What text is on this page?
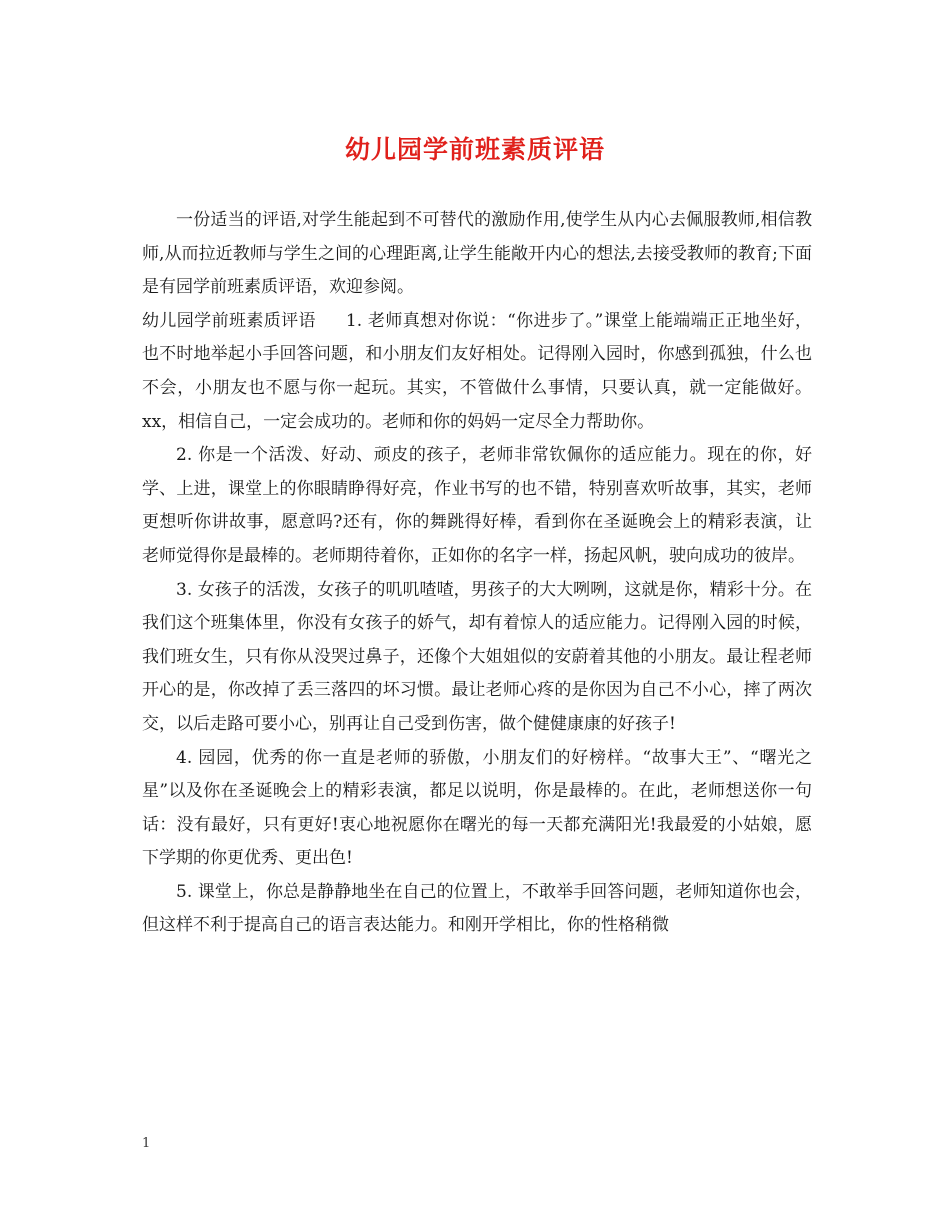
幼儿园学前班素质评语

一份适当的评语,对学生能起到不可替代的激励作用,使学生从内心去佩服教师,相信教师,从而拉近教师与学生之间的心理距离,让学生能敞开内心的想法,去接受教师的教育;下面是有园学前班素质评语，欢迎参阅。

幼儿园学前班素质评语 1. 老师真想对你说：“你进步了。”课堂上能端端正正地坐好，也不时地举起小手回答问题，和小朋友们友好相处。记得刚入园时，你感到孤独，什么也不会，小朋友也不愿与你一起玩。其实，不管做什么事情，只要认真，就一定能做好。xx，相信自己，一定会成功的。老师和你的妈妈一定尽全力帮助你。

2. 你是一个活泼、好动、顽皮的孩子，老师非常钦佩你的适应能力。现在的你，好学、上进，课堂上的你眼睛睁得好亮，作业书写的也不错，特别喜欢听故事，其实，老师更想听你讲故事，愿意吗?还有，你的舞跳得好棒，看到你在圣诞晚会上的精彩表演，让老师觉得你是最棒的。老师期待着你，正如你的名字一样，扬起风帆，驶向成功的彼岸。

3. 女孩子的活泼，女孩子的叽叽喳喳，男孩子的大大咧咧，这就是你，精彩十分。在我们这个班集体里，你没有女孩子的娇气，却有着惊人的适应能力。记得刚入园的时候，我们班女生，只有你从没哭过鼻子，还像个大姐姐似的安蔚着其他的小朋友。最让程老师开心的是，你改掉了丢三落四的坏习惯。最让老师心疼的是你因为自己不小心，摔了两次交，以后走路可要小心，别再让自己受到伤害，做个健健康康的好孩子!

4. 园园，优秀的你一直是老师的骄傲，小朋友们的好榜样。“故事大王”、“曙光之星”以及你在圣诞晚会上的精彩表演，都足以说明，你是最棒的。在此，老师想送你一句话：没有最好，只有更好!衷心地祝愿你在曙光的每一天都充满阳光!我最爱的小姑娘，愿下学期的你更优秀、更出色!

5. 课堂上，你总是静静地坐在自己的位置上，不敢举手回答问题，老师知道你也会，但这样不利于提高自己的语言表达能力。和刚开学相比，你的性格稍微

1
